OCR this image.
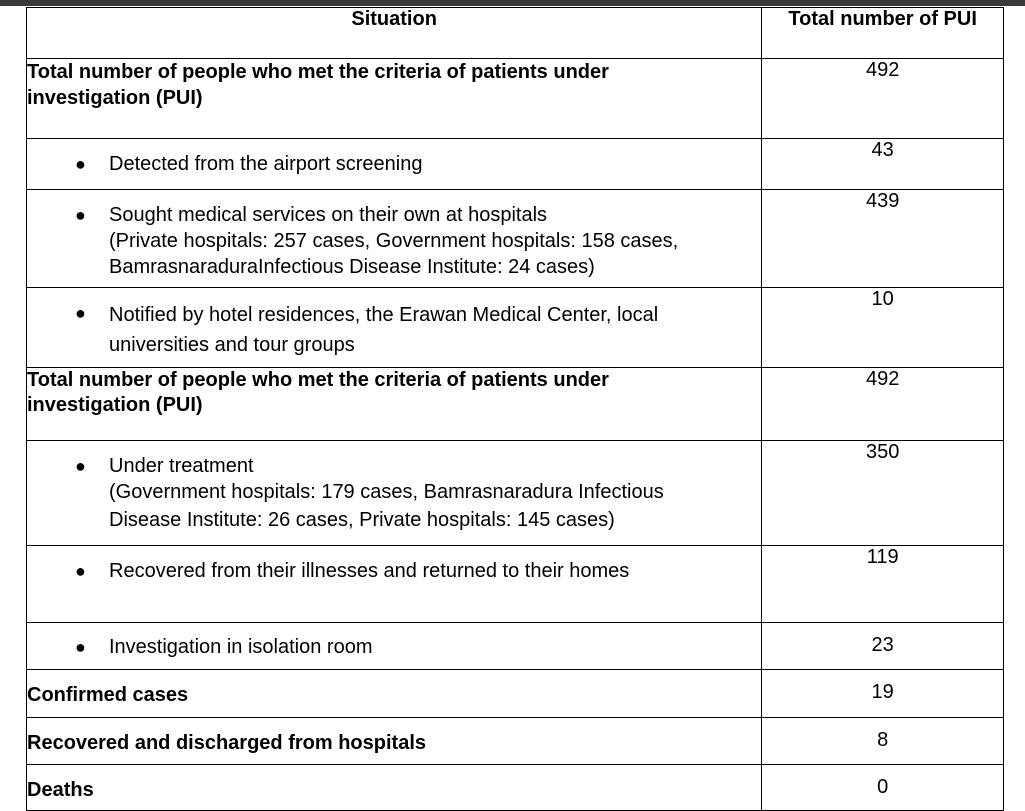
Situation	Total number of PUI

Total number of people who met the criteria of patients under
investigation (PUI)	492

● Detected from the airport screening	43

● Sought medical services on their own at hospitals
(Private hospitals: 257 cases, Government hospitals: 158 cases,
BamrasnaraduraInfectious Disease Institute: 24 cases)	439

● Notified by hotel residences, the Erawan Medical Center, local
universities and tour groups	10

Total number of people who met the criteria of patients under
investigation (PUI)	492

● Under treatment
(Government hospitals: 179 cases, Bamrasnaradura Infectious
Disease Institute: 26 cases, Private hospitals: 145 cases)	350

● Recovered from their illnesses and returned to their homes	119

● Investigation in isolation room	23
Confirmed cases	19
Recovered and discharged from hospitals	8
Deaths	0
